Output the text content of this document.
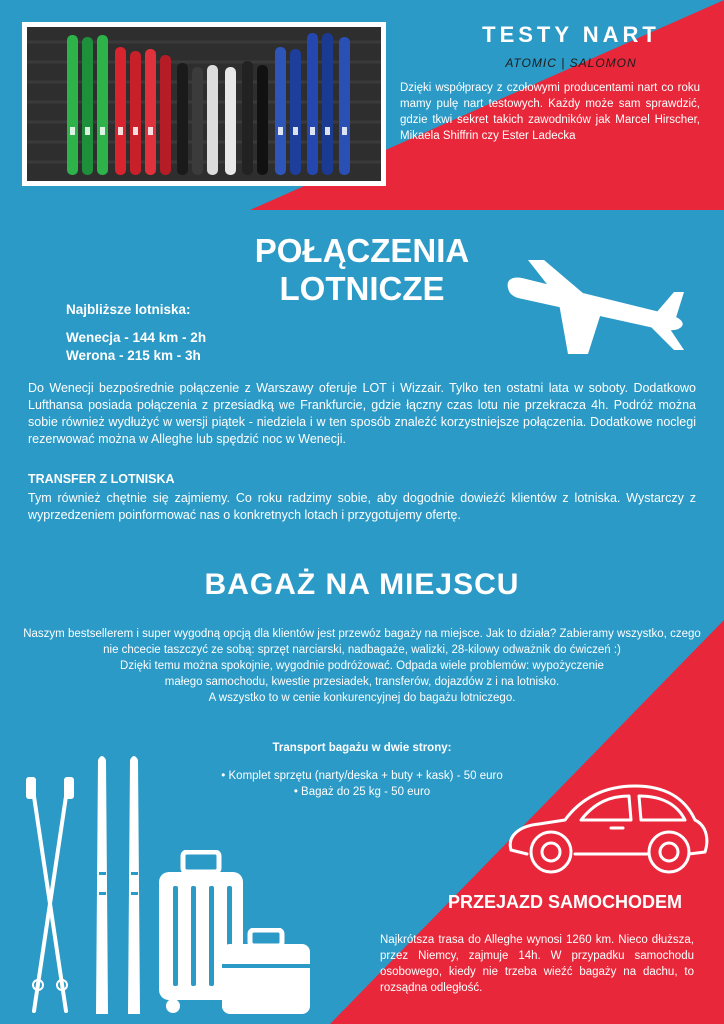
TESTY NART
ATOMIC | SALOMON
Dzięki współpracy z czołowymi producentami nart co roku mamy pulę nart testowych. Każdy może sam sprawdzić, gdzie tkwi sekret takich zawodników jak Marcel Hirscher, Mikaela Shiffrin czy Ester Ladecka
POŁĄCZENIA LOTNICZE
Najbliższe lotniska:
Wenecja - 144 km - 2h
Werona - 215 km - 3h
Do Wenecji bezpośrednie połączenie z Warszawy oferuje LOT i Wizzair. Tylko ten ostatni lata w soboty. Dodatkowo Lufthansa posiada połączenia z przesiadką we Frankfurcie, gdzie łączny czas lotu nie przekracza 4h. Podróż można sobie również wydłużyć w wersji piątek - niedziela i w ten sposób znaleźć korzystniejsze połączenia. Dodatkowe noclegi rezerwować można w Alleghe lub spędzić noc w Wenecji.
TRANSFER Z LOTNISKA
Tym również chętnie się zajmiemy. Co roku radzimy sobie, aby dogodnie dowieźć klientów z lotniska. Wystarczy z wyprzedzeniem poinformować nas o konkretnych lotach i przygotujemy ofertę.
BAGAŻ NA MIEJSCU
Naszym bestsellerem i super wygodną opcją dla klientów jest przewóz bagaży na miejsce. Jak to działa? Zabieramy wszystko, czego nie chcecie taszczyć ze sobą: sprzęt narciarski, nadbagaże, walizki, 28-kilowy odważnik do ćwiczeń :)
Dzięki temu można spokojnie, wygodnie podróżować. Odpada wiele problemów: wypożyczenie
małego samochodu, kwestie przesiadek, transferów, dojazdów z i na lotnisko.
A wszystko to w cenie konkurencyjnej do bagażu lotniczego.
Transport bagażu w dwie strony:
• Komplet sprzętu (narty/deska + buty + kask) - 50 euro
• Bagaż do 25 kg - 50 euro
PRZEJAZD SAMOCHODEM
Najkrótsza trasa do Alleghe wynosi 1260 km. Nieco dłuższa, przez Niemcy, zajmuje 14h. W przypadku samochodu osobowego, kiedy nie trzeba wieźć bagaży na dachu, to rozsądna odległość.
